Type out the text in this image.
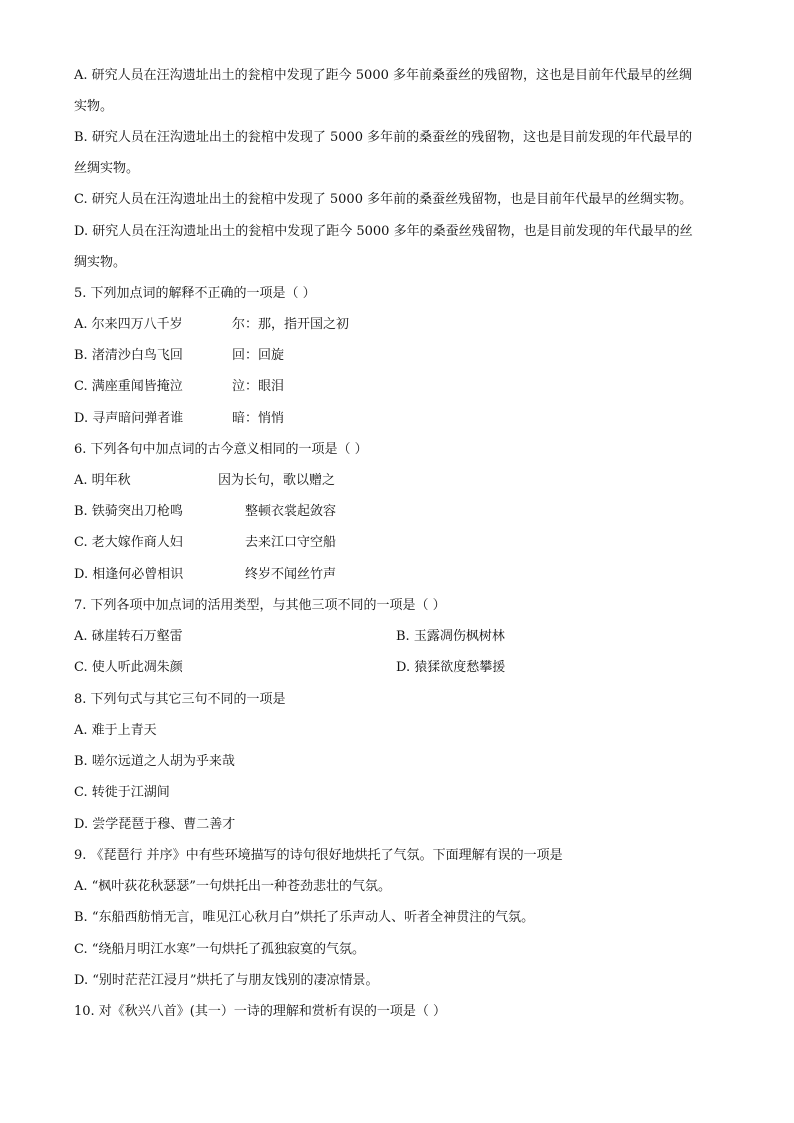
A. 研究人员在汪沟遗址出土的瓮棺中发现了距今 5000 多年前桑蚕丝的残留物，这也是目前年代最早的丝绸
实物。
B. 研究人员在汪沟遗址出土的瓮棺中发现了 5000 多年前的桑蚕丝的残留物，这也是目前发现的年代最早的
丝绸实物。
C. 研究人员在汪沟遗址出土的瓮棺中发现了 5000 多年前的桑蚕丝残留物，也是目前年代最早的丝绸实物。
D. 研究人员在汪沟遗址出土的瓮棺中发现了距今 5000 多年的桑蚕丝残留物，也是目前发现的年代最早的丝
绸实物。
5. 下列加点词的解释不正确的一项是（ ）
A. 尔来四万八千岁	尔：那，指开国之初
B. 渚清沙白鸟飞回	回：回旋
C. 满座重闻皆掩泣	泣：眼泪
D. 寻声暗问弹者谁	暗：悄悄
6. 下列各句中加点词的古今意义相同的一项是（ ）
A. 明年秋	因为长句，歌以赠之
B. 铁骑突出刀枪鸣	整顿衣裳起敛容
C. 老大嫁作商人妇	去来江口守空船
D. 相逢何必曾相识	终岁不闻丝竹声
7. 下列各项中加点词的活用类型，与其他三项不同的一项是（ ）
A. 砯崖转石万壑雷	B. 玉露凋伤枫树林
C. 使人听此凋朱颜	D. 猿猱欲度愁攀援
8. 下列句式与其它三句不同的一项是
A. 难于上青天
B. 嗟尔远道之人胡为乎来哉
C. 转徙于江湖间
D. 尝学琵琶于穆、曹二善才
9. 《琵琶行 并序》中有些环境描写的诗句很好地烘托了气氛。下面理解有误的一项是
A. “枫叶荻花秋瑟瑟”一句烘托出一种苍劲悲壮的气氛。
B. “东船西舫悄无言，唯见江心秋月白”烘托了乐声动人、听者全神贯注的气氛。
C. “绕船月明江水寒”一句烘托了孤独寂寞的气氛。
D. “别时茫茫江浸月”烘托了与朋友饯别的凄凉情景。
10. 对《秋兴八首》(其一）一诗的理解和赏析有误的一项是（ ）
